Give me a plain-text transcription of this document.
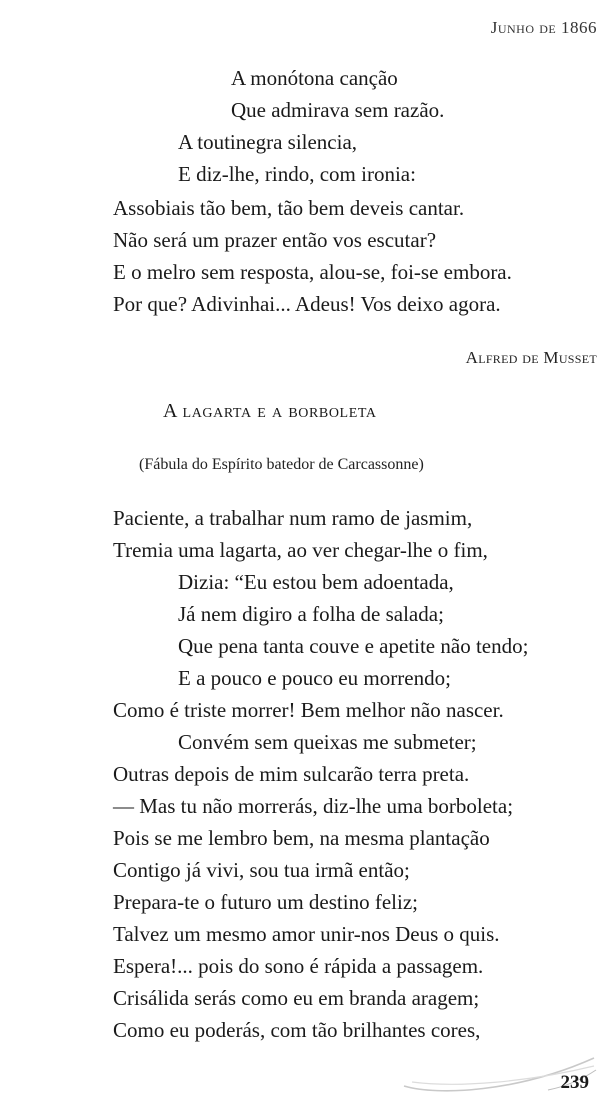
Junho de 1866
A monótona canção
Que admirava sem razão.
A toutinegra silencia,
E diz-lhe, rindo, com ironia:
Assobiais tão bem, tão bem deveis cantar.
Não será um prazer então vos escutar?
E o melro sem resposta, alou-se, foi-se embora.
Por que? Adivinhai... Adeus! Vos deixo agora.
Alfred de Musset
A lagarta e a borboleta
(Fábula do Espírito batedor de Carcassonne)
Paciente, a trabalhar num ramo de jasmim,
Tremia uma lagarta, ao ver chegar-lhe o fim,
Dizia: “Eu estou bem adoentada,
Já nem digiro a folha de salada;
Que pena tanta couve e apetite não tendo;
E a pouco e pouco eu morrendo;
Como é triste morrer! Bem melhor não nascer.
Convém sem queixas me submeter;
Outras depois de mim sulcarão terra preta.
— Mas tu não morrerás, diz-lhe uma borboleta;
Pois se me lembro bem, na mesma plantação
Contigo já vivi, sou tua irmã então;
Prepara-te o futuro um destino feliz;
Talvez um mesmo amor unir-nos Deus o quis.
Espera!... pois do sono é rápida a passagem.
Crisálida serás como eu em branda aragem;
Como eu poderás, com tão brilhantes cores,
239
